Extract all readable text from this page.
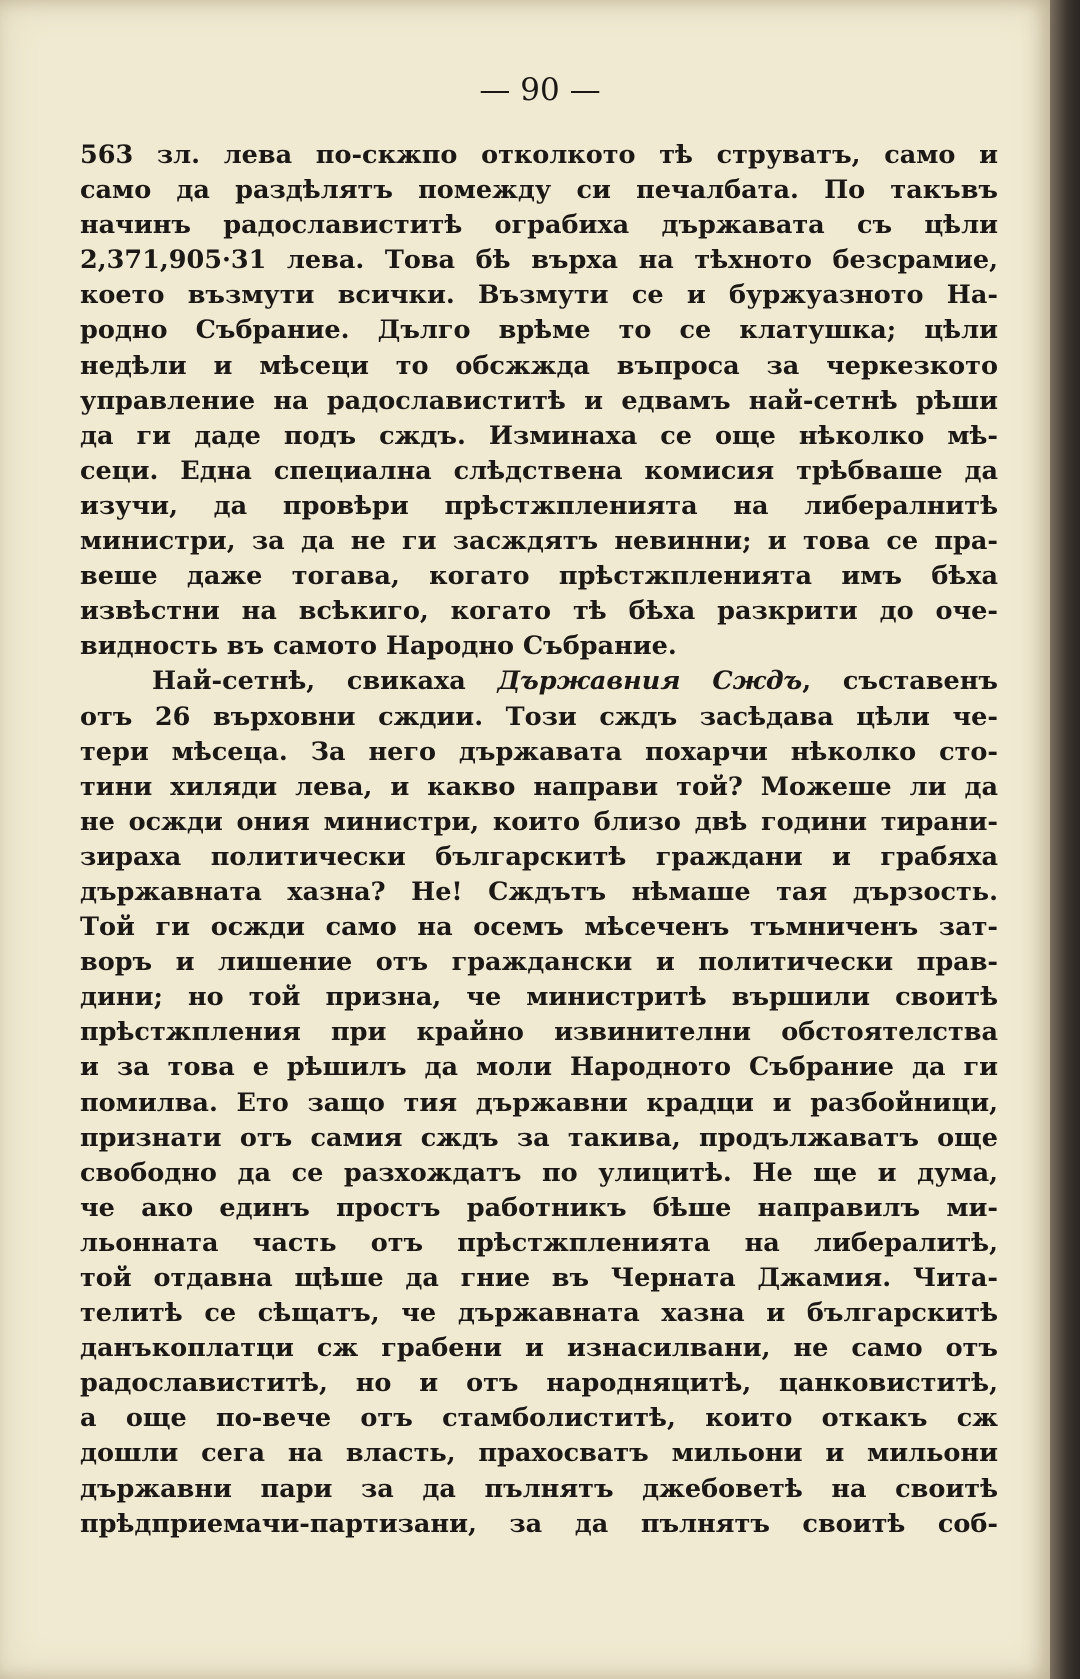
— 90 —
563 зл. лева по-скжпо отколкото тѣ струватъ, само и
само да раздѣлятъ помежду си печалбата. По такъвъ
начинъ радославиститѣ ограбиха държавата съ цѣли
2,371,905·31 лева. Това бѣ върха на тѣхното безсрамие,
което възмути всички. Възмути се и буржуазното На-
родно Събрание. Дълго врѣме то се клатушка; цѣли
недѣли и мѣсеци то обсжжда въпроса за черкезкото
управление на радославиститѣ и едвамъ най-сетнѣ рѣши
да ги даде подъ сждъ. Изминаха се още нѣколко мѣ-
сеци. Една специална слѣдствена комисия трѣбваше да
изучи, да провѣри прѣстжпленията на либералнитѣ
министри, за да не ги засждятъ невинни; и това се пра-
веше даже тогава, когато прѣстжпленията имъ бѣха
извѣстни на всѣкиго, когато тѣ бѣха разкрити до оче-
видность въ самото Народно Събрание.
Най-сетнѣ, свикаха Държавния Сждъ, съставенъ
отъ 26 върховни сждии. Този сждъ засѣдава цѣли че-
тери мѣсеца. За него държавата похарчи нѣколко сто-
тини хиляди лева, и какво направи той? Можеше ли да
не осжди ония министри, които близо двѣ години тирани-
зираха политически българскитѣ граждани и грабяха
държавната хазна? Не! Сждътъ нѣмаше тая дързость.
Той ги осжди само на осемъ мѣсеченъ тъмниченъ зат-
воръ и лишение отъ граждански и политически прав-
дини; но той призна, че министритѣ вършили своитѣ
прѣстжпления при крайно извинителни обстоятелства
и за това е рѣшилъ да моли Народното Събрание да ги
помилва. Ето защо тия държавни крадци и разбойници,
признати отъ самия сждъ за такива, продължаватъ още
свободно да се разхождатъ по улицитѣ. Не ще и дума,
че ако единъ простъ работникъ бѣше направилъ ми-
льонната часть отъ прѣстжпленията на либералитѣ,
той отдавна щѣше да гние въ Черната Джамия. Чита-
телитѣ се сѣщатъ, че държавната хазна и българскитѣ
данъкоплатци сж грабени и изнасилвани, не само отъ
радославиститѣ, но и отъ народняцитѣ, цанковиститѣ,
а още по-вече отъ стамболиститѣ, които откакъ сж
дошли сега на власть, прахосватъ мильони и мильони
държавни пари за да пълнятъ джебоветѣ на своитѣ
прѣдприемачи-партизани, за да пълнятъ своитѣ соб-
